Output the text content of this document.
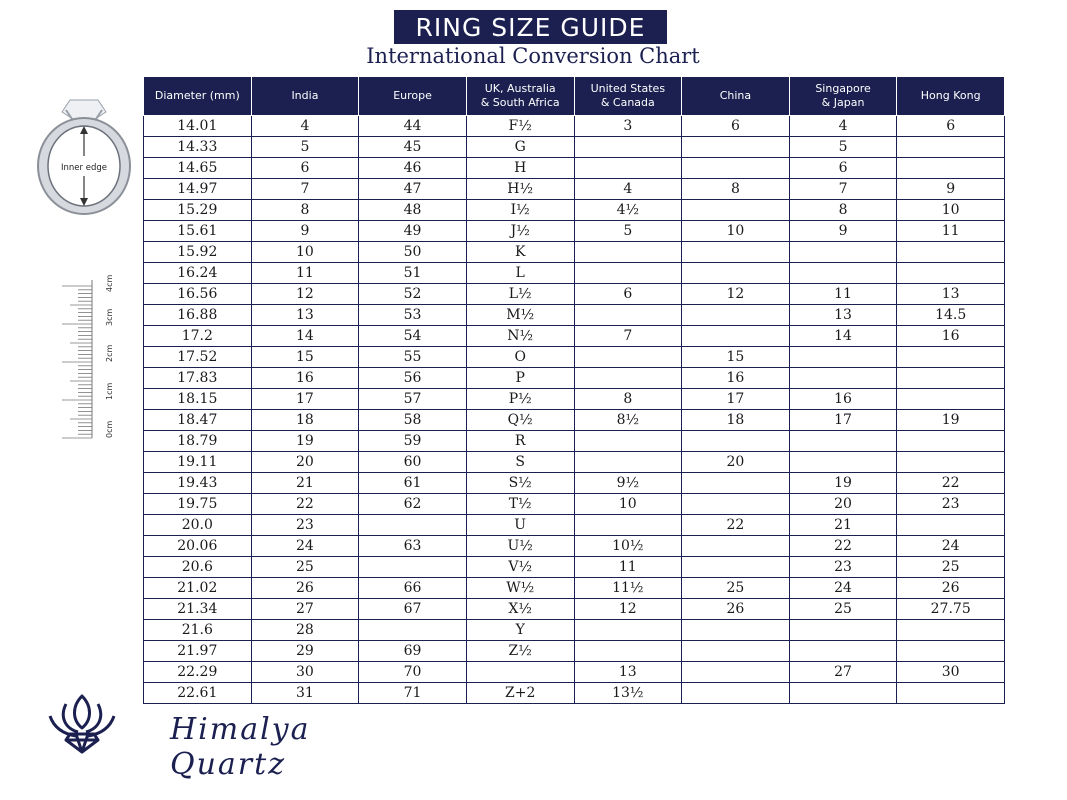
RING SIZE GUIDE
International Conversion Chart
Inner edge
0cm
1cm
2cm
3cm
4cm
Diameter (mm)	India	Europe	UK, Australia
& South Africa	United States
& Canada	China	Singapore
& Japan	Hong Kong
14.01	4	44	F½	3	6	4	6
14.33	5	45	G			5	
14.65	6	46	H			6	
14.97	7	47	H½	4	8	7	9
15.29	8	48	I½	4½		8	10
15.61	9	49	J½	5	10	9	11
15.92	10	50	K				
16.24	11	51	L				
16.56	12	52	L½	6	12	11	13
16.88	13	53	M½			13	14.5
17.2	14	54	N½	7		14	16
17.52	15	55	O		15		
17.83	16	56	P		16		
18.15	17	57	P½	8	17	16	
18.47	18	58	Q½	8½	18	17	19
18.79	19	59	R				
19.11	20	60	S		20		
19.43	21	61	S½	9½		19	22
19.75	22	62	T½	10		20	23
20.0	23		U		22	21	
20.06	24	63	U½	10½		22	24
20.6	25		V½	11		23	25
21.02	26	66	W½	11½	25	24	26
21.34	27	67	X½	12	26	25	27.75
21.6	28		Y				
21.97	29	69	Z½				
22.29	30	70		13		27	30
22.61	31	71	Z+2	13½			
Himalya Quartz
